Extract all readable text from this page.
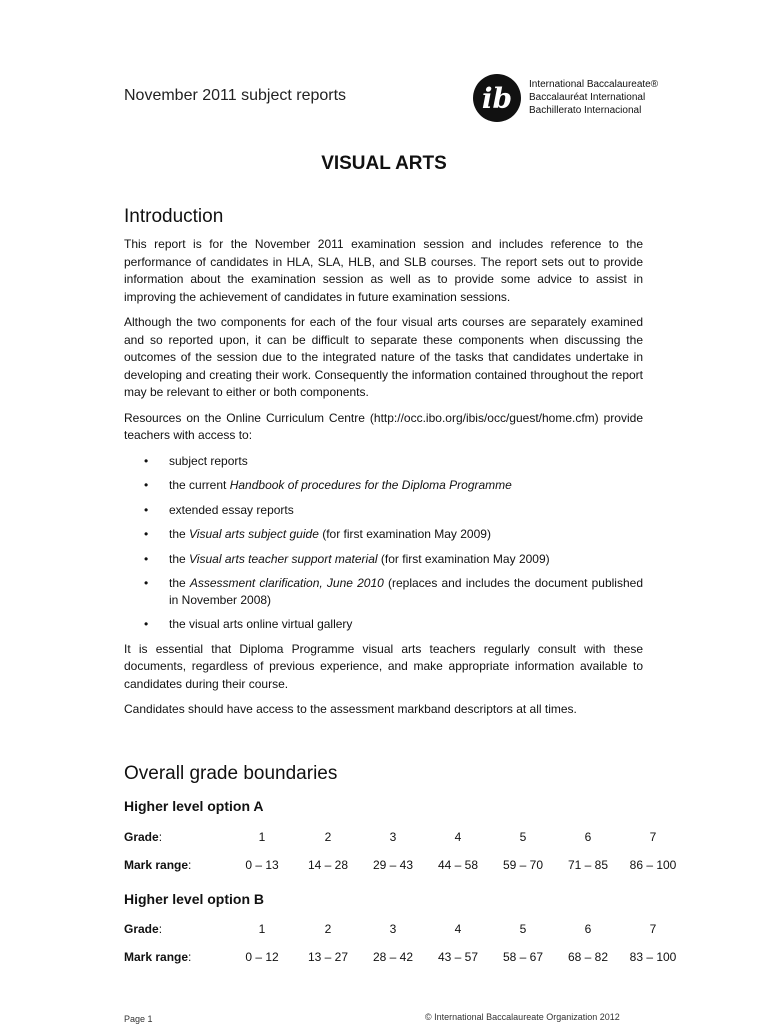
November 2011 subject reports	ib	International Baccalaureate®
Baccalauréat International
Bachillerato Internacional
VISUAL ARTS
Introduction

This report is for the November 2011 examination session and includes reference to the performance of candidates in HLA, SLA, HLB, and SLB courses. The report sets out to provide information about the examination session as well as to provide some advice to assist in improving the achievement of candidates in future examination sessions.

Although the two components for each of the four visual arts courses are separately examined and so reported upon, it can be difficult to separate these components when discussing the outcomes of the session due to the integrated nature of the tasks that candidates undertake in developing and creating their work. Consequently the information contained throughout the report may be relevant to either or both components.

Resources on the Online Curriculum Centre (http://occ.ibo.org/ibis/occ/guest/home.cfm) provide teachers with access to:

• subject reports
• the current Handbook of procedures for the Diploma Programme
• extended essay reports
• the Visual arts subject guide (for first examination May 2009)
• the Visual arts teacher support material (for first examination May 2009)
• the Assessment clarification, June 2010 (replaces and includes the document published in November 2008)
• the visual arts online virtual gallery

It is essential that Diploma Programme visual arts teachers regularly consult with these documents, regardless of previous experience, and make appropriate information available to candidates during their course.

Candidates should have access to the assessment markband descriptors at all times.

Overall grade boundaries
Higher level option A
Grade:	1	2	3	4	5	6	7
Mark range:	0 – 13	14 – 28	29 – 43	44 – 58	59 – 70	71 – 85	86 – 100
Higher level option B
Grade:	1	2	3	4	5	6	7
Mark range:	0 – 12	13 – 27	28 – 42	43 – 57	58 – 67	68 – 82	83 – 100
Page 1	© International Baccalaureate Organization 2012
